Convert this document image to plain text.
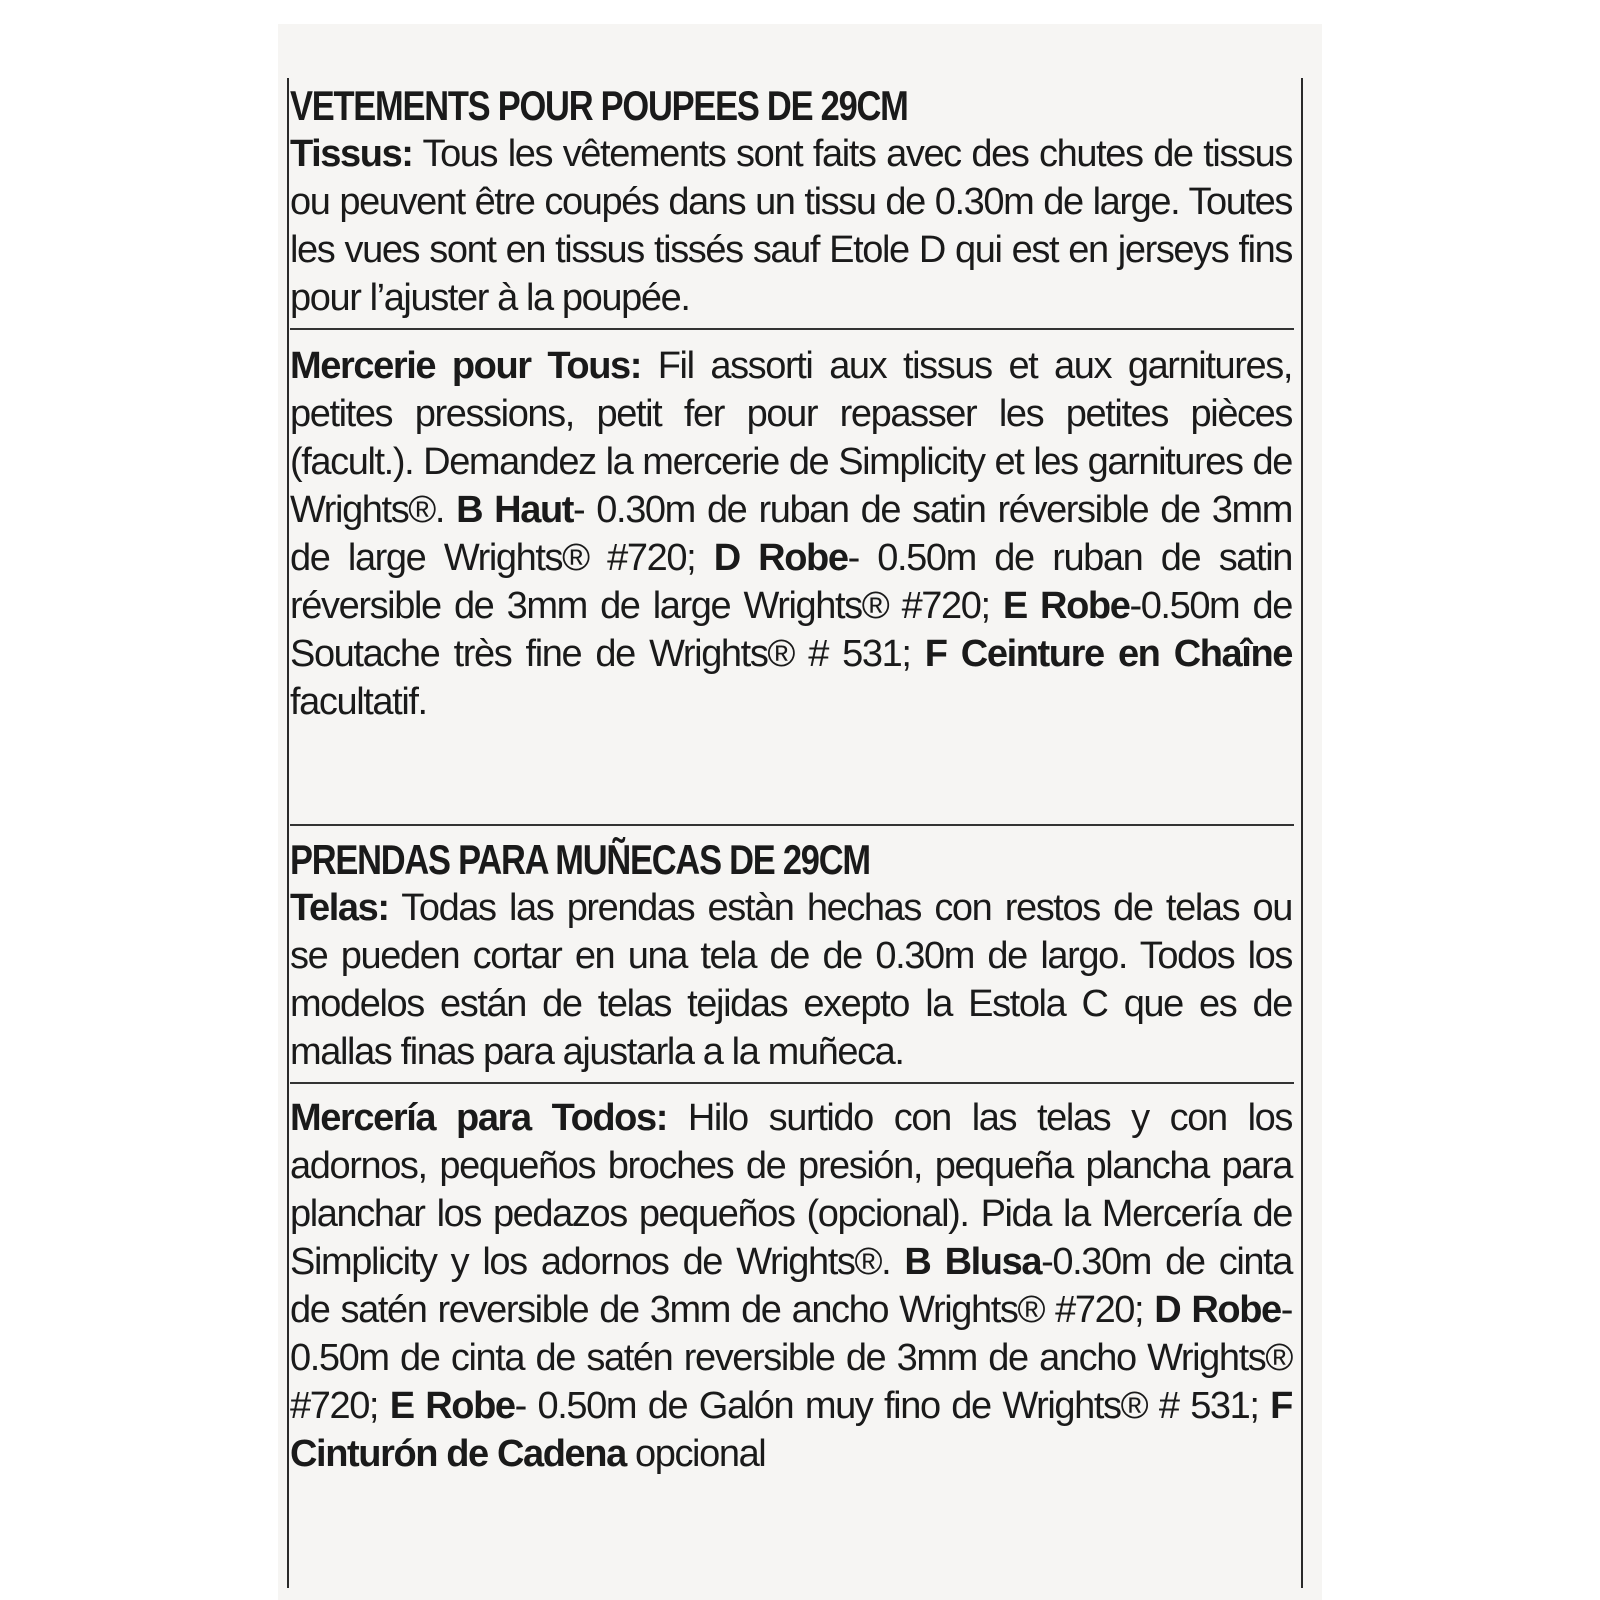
VETEMENTS POUR POUPEES DE 29CM

Tissus: Tous les vêtements sont faits avec des chutes de tissus ou peuvent être coupés dans un tissu de 0.30m de large. Toutes les vues sont en tissus tissés sauf Etole D qui est en jerseys fins pour l’ajuster à la poupée.

Mercerie pour Tous: Fil assorti aux tissus et aux garnitures, petites pressions, petit fer pour repasser les petites pièces (facult.). Demandez la mercerie de Simplicity et les garnitures de Wrights®. B Haut- 0.30m de ruban de satin réversible de 3mm de large Wrights® #720; D Robe- 0.50m de ruban de satin réversible de 3mm de large Wrights® #720; E Robe-0.50m de Soutache très fine de Wrights® # 531; F Ceinture en Chaîne facultatif.

PRENDAS PARA MUÑECAS DE 29CM

Telas: Todas las prendas estàn hechas con restos de telas ou se pueden cortar en una tela de de 0.30m de largo. Todos los modelos están de telas tejidas exepto la Estola C que es de mallas finas para ajustarla a la muñeca.

Mercería para Todos: Hilo surtido con las telas y con los adornos, pequeños broches de presión, pequeña plancha para planchar los pedazos pequeños (opcional). Pida la Mercería de Simplicity y los adornos de Wrights®. B Blusa-0.30m de cinta de satén reversible de 3mm de ancho Wrights® #720; D Robe- 0.50m de cinta de satén reversible de 3mm de ancho Wrights® #720; E Robe- 0.50m de Galón muy fino de Wrights® # 531; F Cinturón de Cadena opcional
